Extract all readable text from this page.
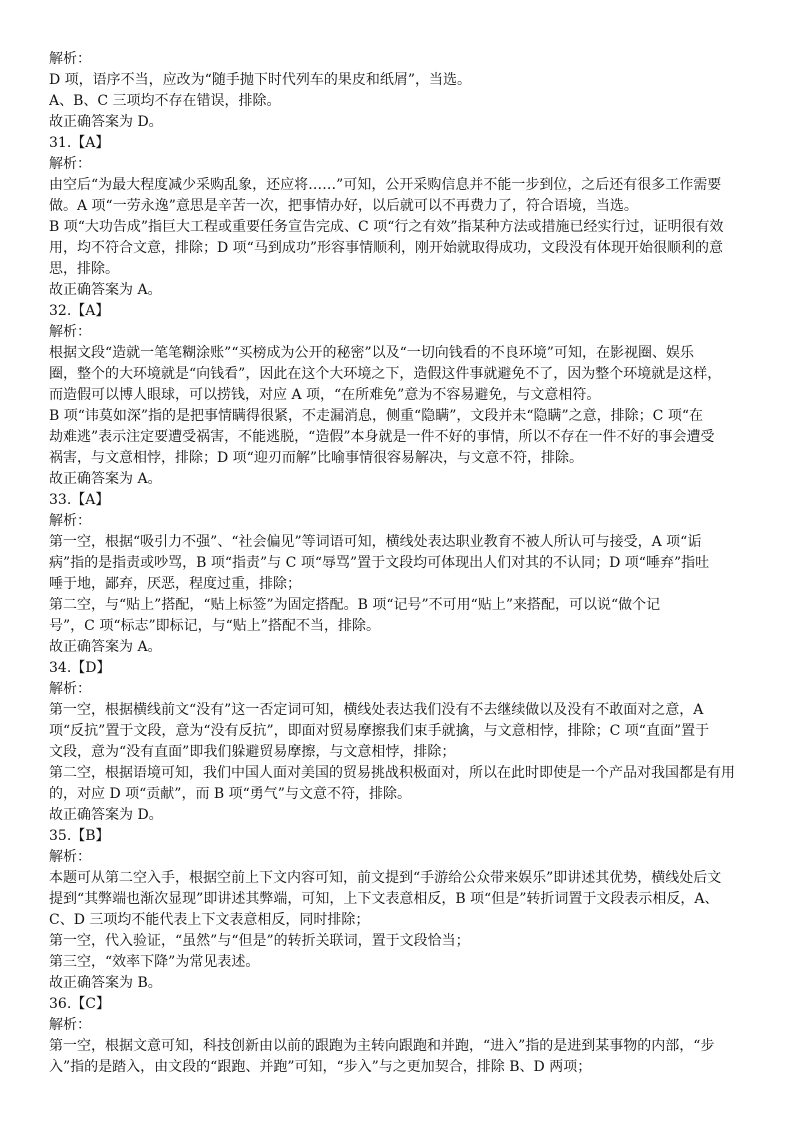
解析：
D 项，语序不当，应改为“随手抛下时代列车的果皮和纸屑”，当选。
A、B、C 三项均不存在错误，排除。
故正确答案为 D。
31.【A】
解析：
由空后“为最大程度减少采购乱象，还应将……”可知，公开采购信息并不能一步到位，之后还有很多工作需要
做。A 项“一劳永逸”意思是辛苦一次，把事情办好，以后就可以不再费力了，符合语境，当选。
B 项“大功告成”指巨大工程或重要任务宣告完成、C 项“行之有效”指某种方法或措施已经实行过，证明很有效
用，均不符合文意，排除；D 项“马到成功”形容事情顺利，刚开始就取得成功，文段没有体现开始很顺利的意
思，排除。
故正确答案为 A。
32.【A】
解析：
根据文段“造就一笔笔糊涂账”“买榜成为公开的秘密”以及“一切向钱看的不良环境”可知，在影视圈、娱乐
圈，整个的大环境就是“向钱看”，因此在这个大环境之下，造假这件事就避免不了，因为整个环境就是这样，
而造假可以博人眼球，可以捞钱，对应 A 项，“在所难免”意为不容易避免，与文意相符。
B 项“讳莫如深”指的是把事情瞒得很紧，不走漏消息，侧重“隐瞒”，文段并未“隐瞒”之意，排除；C 项“在
劫难逃”表示注定要遭受祸害，不能逃脱，“造假”本身就是一件不好的事情，所以不存在一件不好的事会遭受
祸害，与文意相悖，排除；D 项“迎刃而解”比喻事情很容易解决，与文意不符，排除。
故正确答案为 A。
33.【A】
解析：
第一空，根据“吸引力不强”、“社会偏见”等词语可知，横线处表达职业教育不被人所认可与接受，A 项“诟
病”指的是指责或吵骂，B 项“指责”与 C 项“辱骂”置于文段均可体现出人们对其的不认同；D 项“唾弃”指吐
唾于地，鄙弃，厌恶，程度过重，排除；
第二空，与“贴上”搭配，“贴上标签”为固定搭配。B 项“记号”不可用“贴上”来搭配，可以说“做个记
号”，C 项“标志”即标记，与“贴上”搭配不当，排除。
故正确答案为 A。
34.【D】
解析：
第一空，根据横线前文“没有”这一否定词可知，横线处表达我们没有不去继续做以及没有不敢面对之意，A
项“反抗”置于文段，意为“没有反抗”，即面对贸易摩擦我们束手就擒，与文意相悖，排除；C 项“直面”置于
文段，意为“没有直面”即我们躲避贸易摩擦，与文意相悖，排除；
第二空，根据语境可知，我们中国人面对美国的贸易挑战积极面对，所以在此时即使是一个产品对我国都是有用
的，对应 D 项“贡献”，而 B 项“勇气”与文意不符，排除。
故正确答案为 D。
35.【B】
解析：
本题可从第二空入手，根据空前上下文内容可知，前文提到“手游给公众带来娱乐”即讲述其优势，横线处后文
提到“其弊端也渐次显现”即讲述其弊端，可知，上下文表意相反，B 项“但是”转折词置于文段表示相反，A、
C、D 三项均不能代表上下文表意相反，同时排除；
第一空，代入验证，“虽然”与“但是”的转折关联词，置于文段恰当；
第三空，“效率下降”为常见表述。
故正确答案为 B。
36.【C】
解析：
第一空，根据文意可知，科技创新由以前的跟跑为主转向跟跑和并跑，“进入”指的是进到某事物的内部，“步
入”指的是踏入，由文段的“跟跑、并跑”可知，“步入”与之更加契合，排除 B、D 两项；
